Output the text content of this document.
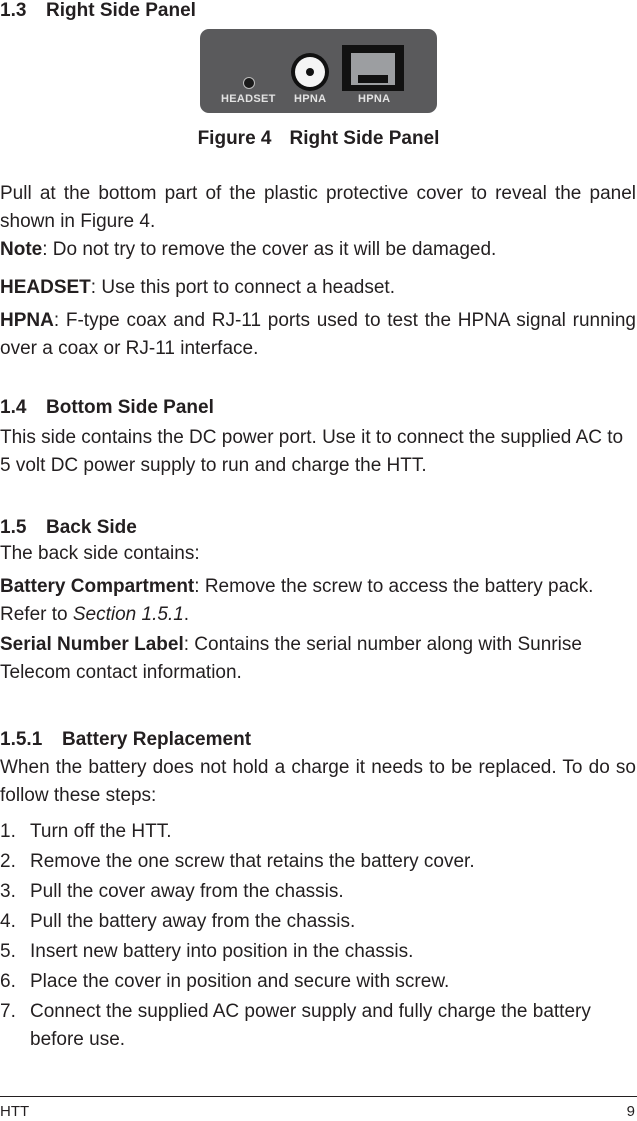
1.3 Right Side Panel
HEADSET HPNA	HPNA
Figure 4 Right Side Panel

Pull at the bottom part of the plastic protective cover to reveal the panel shown in Figure 4.

Note: Do not try to remove the cover as it will be damaged.

HEADSET: Use this port to connect a headset.

HPNA: F-type coax and RJ-11 ports used to test the HPNA signal running over a coax or RJ-11 interface.

1.4 Bottom Side Panel

This side contains the DC power port. Use it to connect the supplied AC to 5 volt DC power supply to run and charge the HTT.

1.5 Back Side

The back side contains:

Battery Compartment: Remove the screw to access the battery pack. Refer to Section 1.5.1.

Serial Number Label: Contains the serial number along with Sunrise Telecom contact information.

1.5.1 Battery Replacement

When the battery does not hold a charge it needs to be replaced. To do so follow these steps:

1. Turn off the HTT.
2. Remove the one screw that retains the battery cover.
3. Pull the cover away from the chassis.
4. Pull the battery away from the chassis.
5. Insert new battery into position in the chassis.
6. Place the cover in position and secure with screw.
7. Connect the supplied AC power supply and fully charge the battery before use.
HTT	9
